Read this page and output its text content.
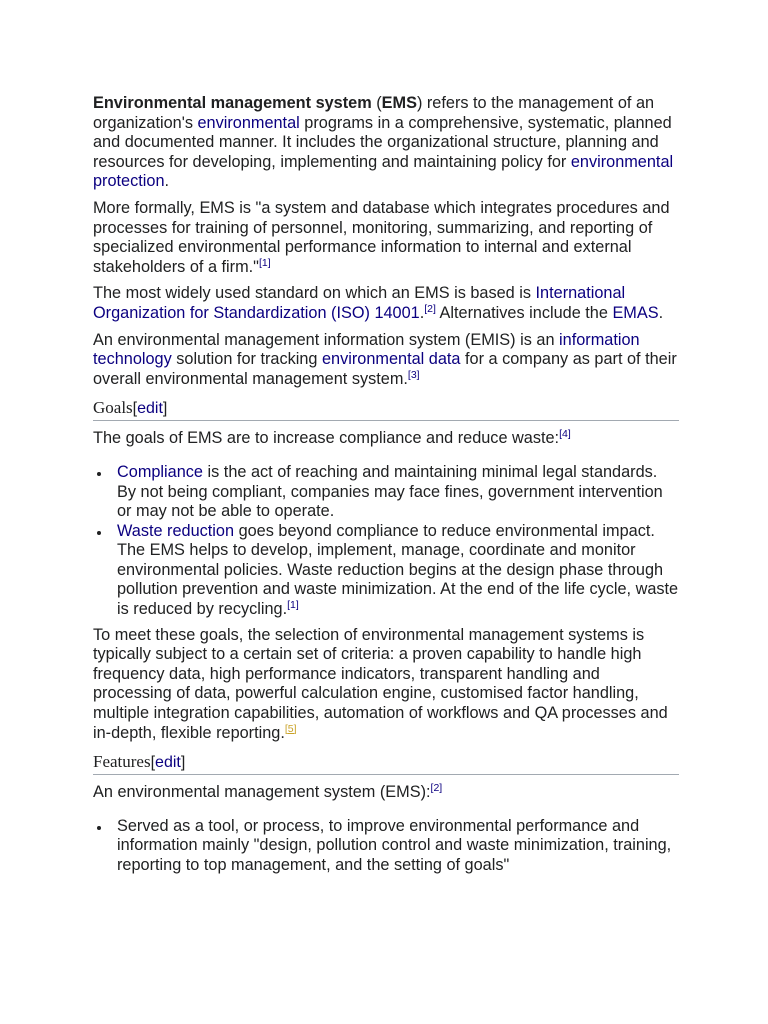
Environmental management system (EMS) refers to the management of an organization's environmental programs in a comprehensive, systematic, planned and documented manner. It includes the organizational structure, planning and resources for developing, implementing and maintaining policy for environmental protection.

More formally, EMS is "a system and database which integrates procedures and processes for training of personnel, monitoring, summarizing, and reporting of specialized environmental performance information to internal and external stakeholders of a firm."[1]

The most widely used standard on which an EMS is based is International Organization for Standardization (ISO) 14001.[2] Alternatives include the EMAS.

An environmental management information system (EMIS) is an information technology solution for tracking environmental data for a company as part of their overall environmental management system.[3]

Goals[edit]

The goals of EMS are to increase compliance and reduce waste:[4]

Compliance is the act of reaching and maintaining minimal legal standards. By not being compliant, companies may face fines, government intervention or may not be able to operate.
Waste reduction goes beyond compliance to reduce environmental impact. The EMS helps to develop, implement, manage, coordinate and monitor environmental policies. Waste reduction begins at the design phase through pollution prevention and waste minimization. At the end of the life cycle, waste is reduced by recycling.[1]

To meet these goals, the selection of environmental management systems is typically subject to a certain set of criteria: a proven capability to handle high frequency data, high performance indicators, transparent handling and processing of data, powerful calculation engine, customised factor handling, multiple integration capabilities, automation of workflows and QA processes and in-depth, flexible reporting.[5]

Features[edit]

An environmental management system (EMS):[2]

Served as a tool, or process, to improve environmental performance and information mainly "design, pollution control and waste minimization, training, reporting to top management, and the setting of goals"
